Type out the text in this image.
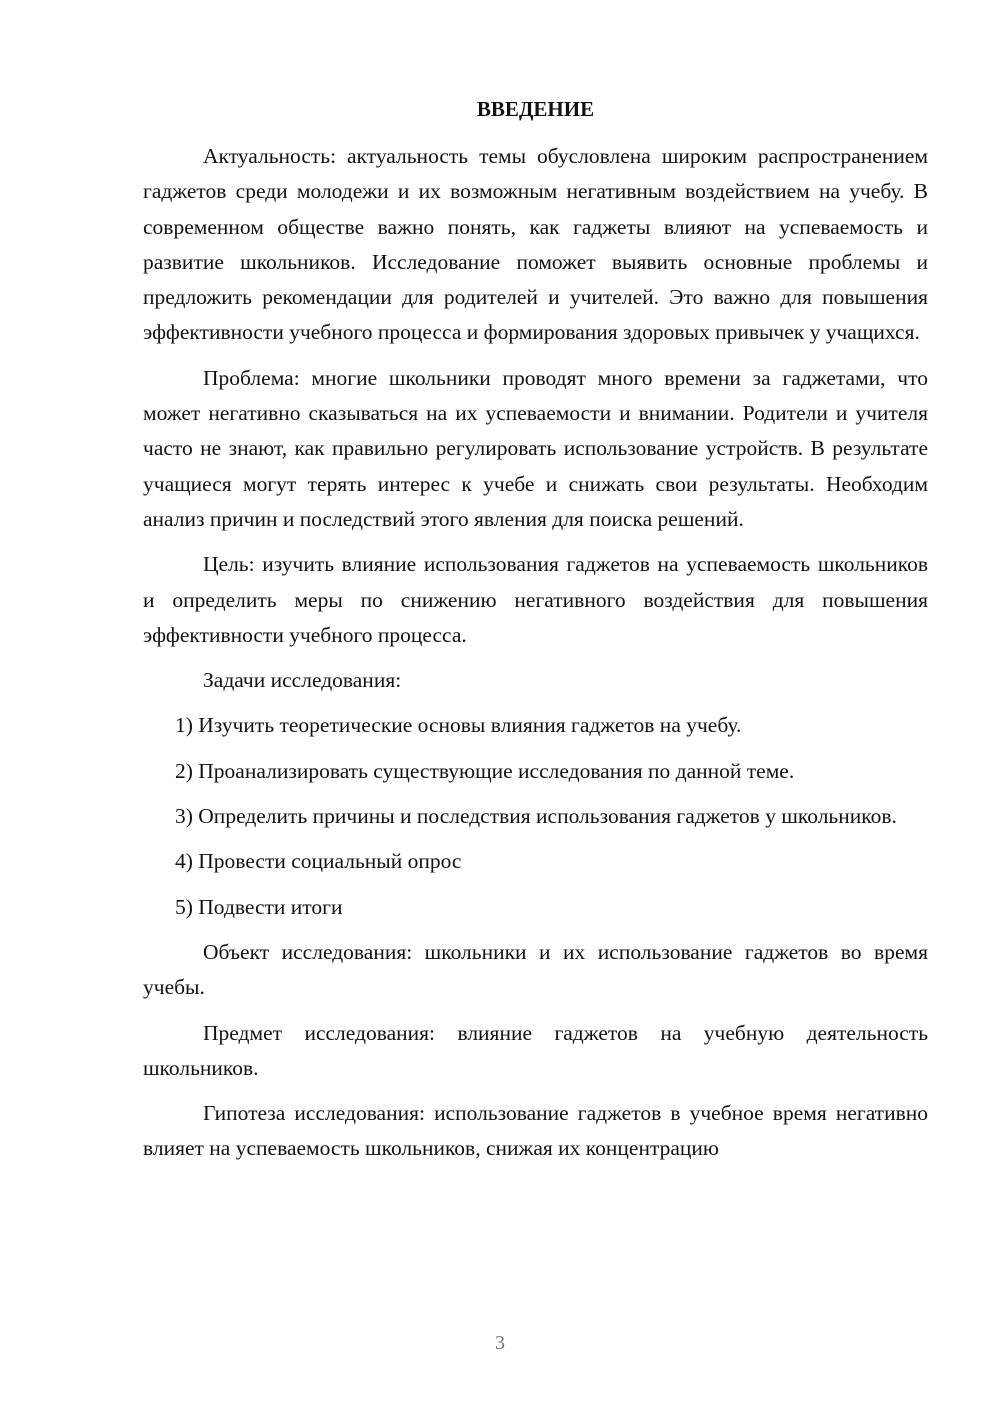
ВВЕДЕНИЕ

Актуальность: актуальность темы обусловлена широким распространением гаджетов среди молодежи и их возможным негативным воздействием на учебу. В современном обществе важно понять, как гаджеты влияют на успеваемость и развитие школьников. Исследование поможет выявить основные проблемы и предложить рекомендации для родителей и учителей. Это важно для повышения эффективности учебного процесса и формирования здоровых привычек у учащихся.

Проблема: многие школьники проводят много времени за гаджетами, что может негативно сказываться на их успеваемости и внимании. Родители и учителя часто не знают, как правильно регулировать использование устройств. В результате учащиеся могут терять интерес к учебе и снижать свои результаты. Необходим анализ причин и последствий этого явления для поиска решений.

Цель: изучить влияние использования гаджетов на успеваемость школьников и определить меры по снижению негативного воздействия для повышения эффективности учебного процесса.

Задачи исследования:

1) Изучить теоретические основы влияния гаджетов на учебу.

2) Проанализировать существующие исследования по данной теме.

3) Определить причины и последствия использования гаджетов у школьников.

4) Провести социальный опрос

5) Подвести итоги

Объект исследования: школьники и их использование гаджетов во время учебы.

Предмет исследования: влияние гаджетов на учебную деятельность школьников.

Гипотеза исследования: использование гаджетов в учебное время негативно влияет на успеваемость школьников, снижая их концентрацию

3
